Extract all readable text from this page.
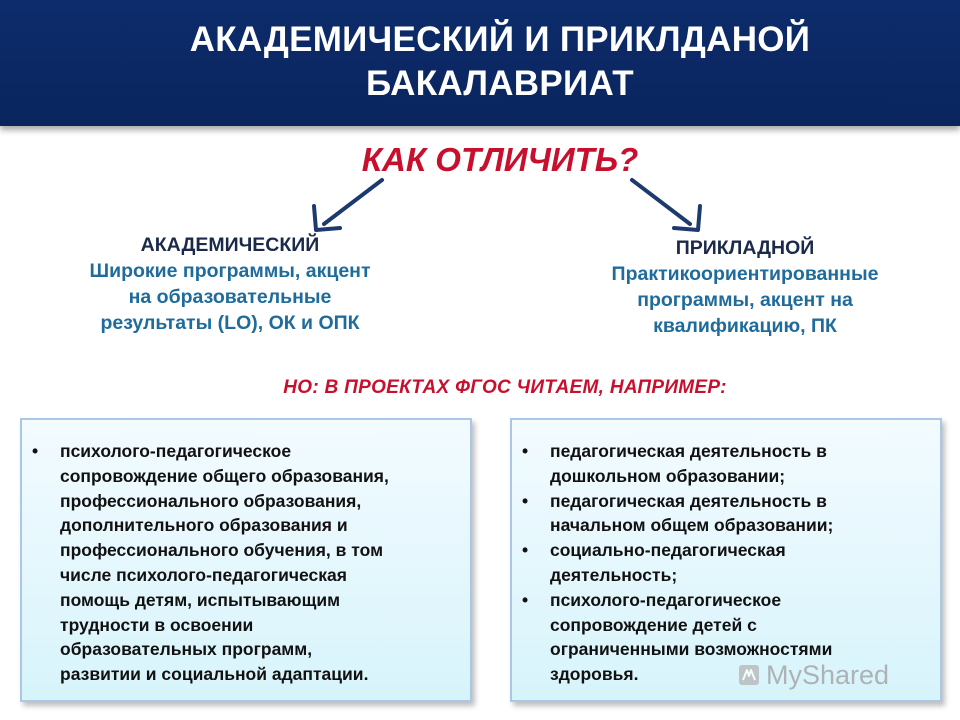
АКАДЕМИЧЕСКИЙ И ПРИКЛДАНОЙ
БАКАЛАВРИАТ
КАК ОТЛИЧИТЬ?
АКАДЕМИЧЕСКИЙ
Широкие программы, акцент
на образовательные
результаты (LO), ОК и ОПК
ПРИКЛАДНОЙ
Практикоориентированные
программы, акцент на
квалификацию, ПК
НО: В ПРОЕКТАХ ФГОС ЧИТАЕМ, НАПРИМЕР:
• психолого-педагогическое
сопровождение общего образования,
профессионального образования,
дополнительного образования и
профессионального обучения, в том
числе психолого-педагогическая
помощь детям, испытывающим
трудности в освоении
образовательных программ,
развитии и социальной адаптации.
• педагогическая деятельность в
дошкольном образовании;
• педагогическая деятельность в
начальном общем образовании;
• социально-педагогическая
деятельность;
• психолого-педагогическое
сопровождение детей с
ограниченными возможностями
здоровья.	MyShared
